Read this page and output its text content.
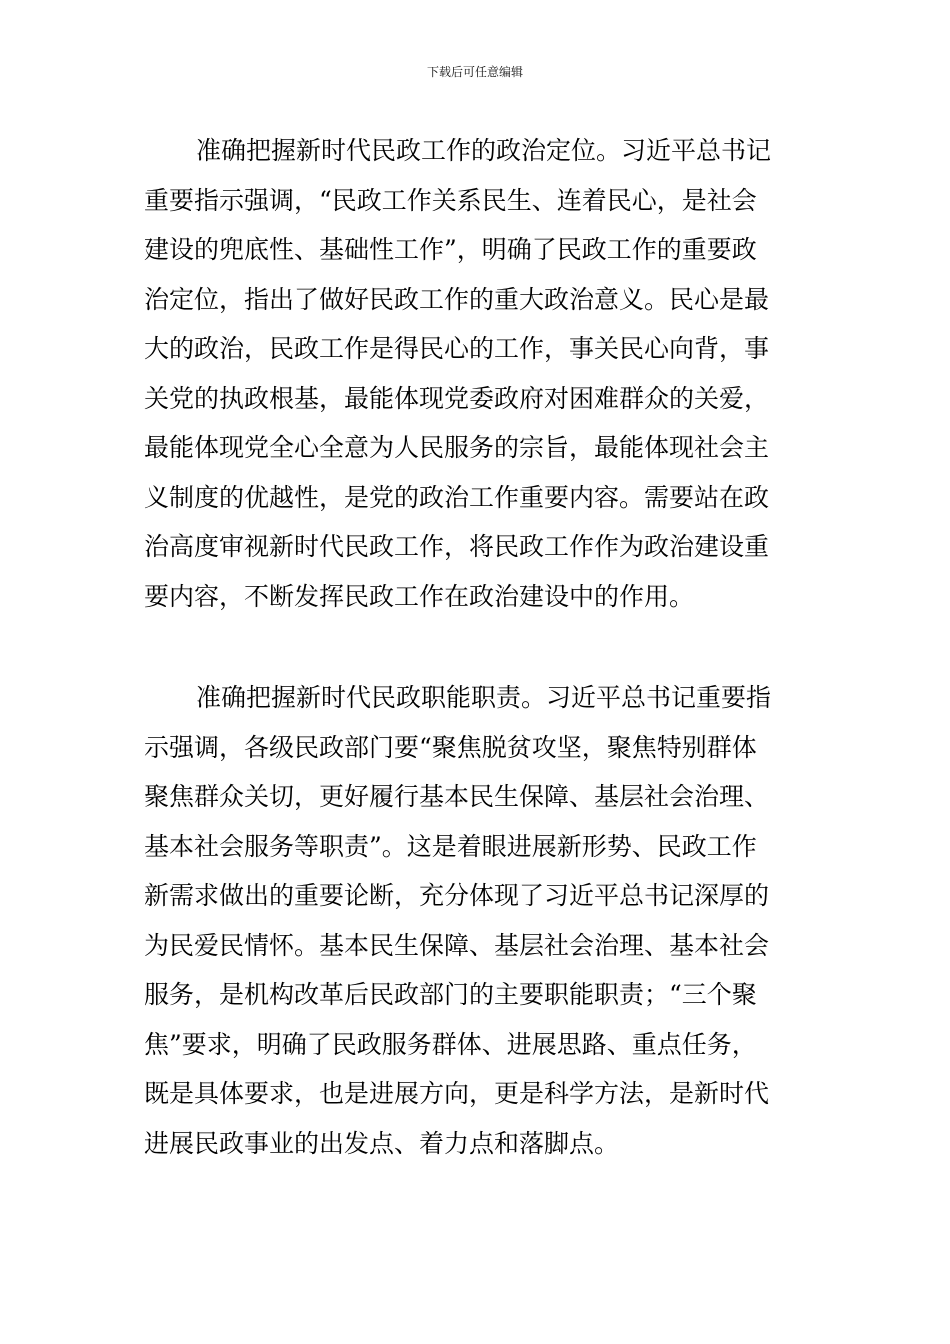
下载后可任意编辑
准确把握新时代民政工作的政治定位。习近平总书记
重要指示强调，“民政工作关系民生、连着民心，是社会
建设的兜底性、基础性工作”，明确了民政工作的重要政
治定位，指出了做好民政工作的重大政治意义。民心是最
大的政治，民政工作是得民心的工作，事关民心向背，事
关党的执政根基，最能体现党委政府对困难群众的关爱，
最能体现党全心全意为人民服务的宗旨，最能体现社会主
义制度的优越性，是党的政治工作重要内容。需要站在政
治高度审视新时代民政工作，将民政工作作为政治建设重
要内容，不断发挥民政工作在政治建设中的作用。
准确把握新时代民政职能职责。习近平总书记重要指
示强调，各级民政部门要“聚焦脱贫攻坚，聚焦特别群体
聚焦群众关切，更好履行基本民生保障、基层社会治理、
基本社会服务等职责”。这是着眼进展新形势、民政工作
新需求做出的重要论断，充分体现了习近平总书记深厚的
为民爱民情怀。基本民生保障、基层社会治理、基本社会
服务，是机构改革后民政部门的主要职能职责；“三个聚
焦”要求，明确了民政服务群体、进展思路、重点任务，
既是具体要求，也是进展方向，更是科学方法，是新时代
进展民政事业的出发点、着力点和落脚点。
